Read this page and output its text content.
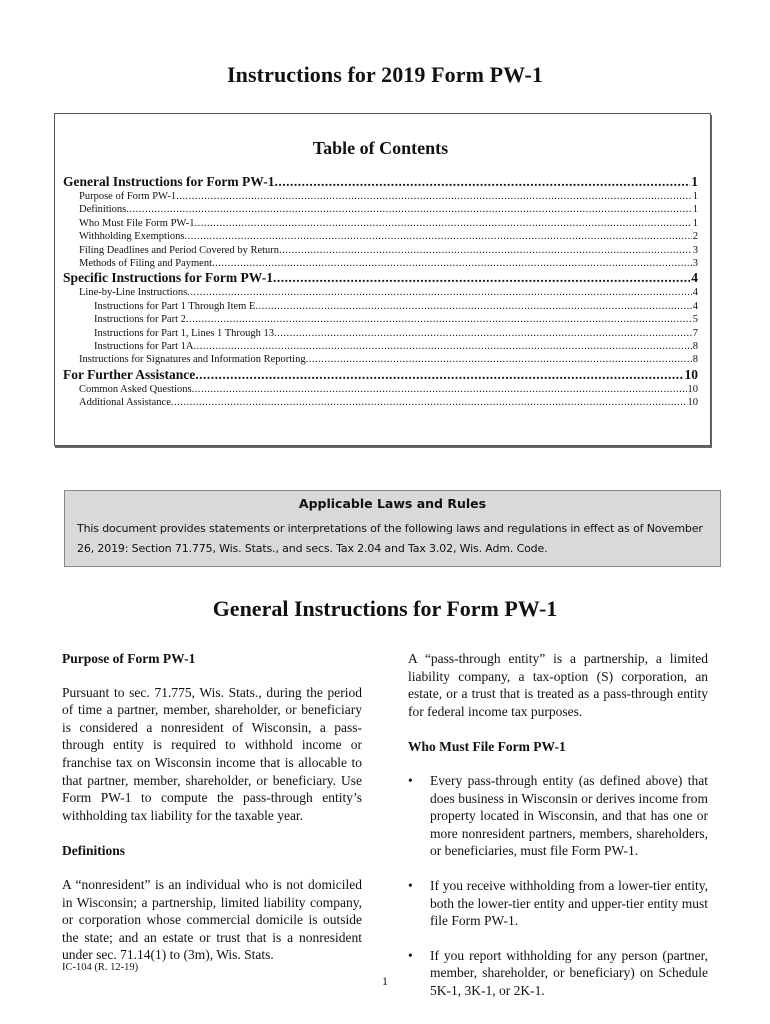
Instructions for 2019 Form PW-1
Table of Contents
General Instructions for Form PW-1 .....	1
Purpose of Form PW-1 .....	1
Definitions .....	1
Who Must File Form PW-1 .....	1
Withholding Exemptions .....	2
Filing Deadlines and Period Covered by Return .....	3
Methods of Filing and Payment .....	3
Specific Instructions for Form PW-1 .....	4
Line-by-Line Instructions .....	4
Instructions for Part 1 Through Item E .....	4
Instructions for Part 2 .....	5
Instructions for Part 1, Lines 1 Through 13 .....	7
Instructions for Part 1A .....	8
Instructions for Signatures and Information Reporting .....	8
For Further Assistance .....	10
Common Asked Questions .....	10
Additional Assistance .....	10
Applicable Laws and Rules
This document provides statements or interpretations of the following laws and regulations in effect as of November 26, 2019: Section 71.775, Wis. Stats., and secs. Tax 2.04 and Tax 3.02, Wis. Adm. Code.
General Instructions for Form PW-1
Purpose of Form PW-1

Pursuant to sec. 71.775, Wis. Stats., during the period of time a partner, member, shareholder, or beneficiary is considered a nonresident of Wisconsin, a pass-through entity is required to withhold income or franchise tax on Wisconsin income that is allocable to that partner, member, shareholder, or beneficiary. Use Form PW-1 to compute the pass-through entity’s withholding tax liability for the taxable year.

Definitions

A “nonresident” is an individual who is not domiciled in Wisconsin; a partnership, limited liability company, or corporation whose commercial domicile is outside the state; and an estate or trust that is a nonresident under sec. 71.14(1) to (3m), Wis. Stats.

A “pass-through entity” is a partnership, a limited liability company, a tax-option (S) corporation, an estate, or a trust that is treated as a pass-through entity for federal income tax purposes.

Who Must File Form PW-1
• Every pass-through entity (as defined above) that does business in Wisconsin or derives income from property located in Wisconsin, and that has one or more nonresident partners, members, shareholders, or beneficiaries, must file Form PW-1.
• If you receive withholding from a lower-tier entity, both the lower-tier entity and upper-tier entity must file Form PW-1.
• If you report withholding for any person (partner, member, shareholder, or beneficiary) on Schedule 5K-1, 3K-1, or 2K-1.
IC-104 (R. 12-19)
1
